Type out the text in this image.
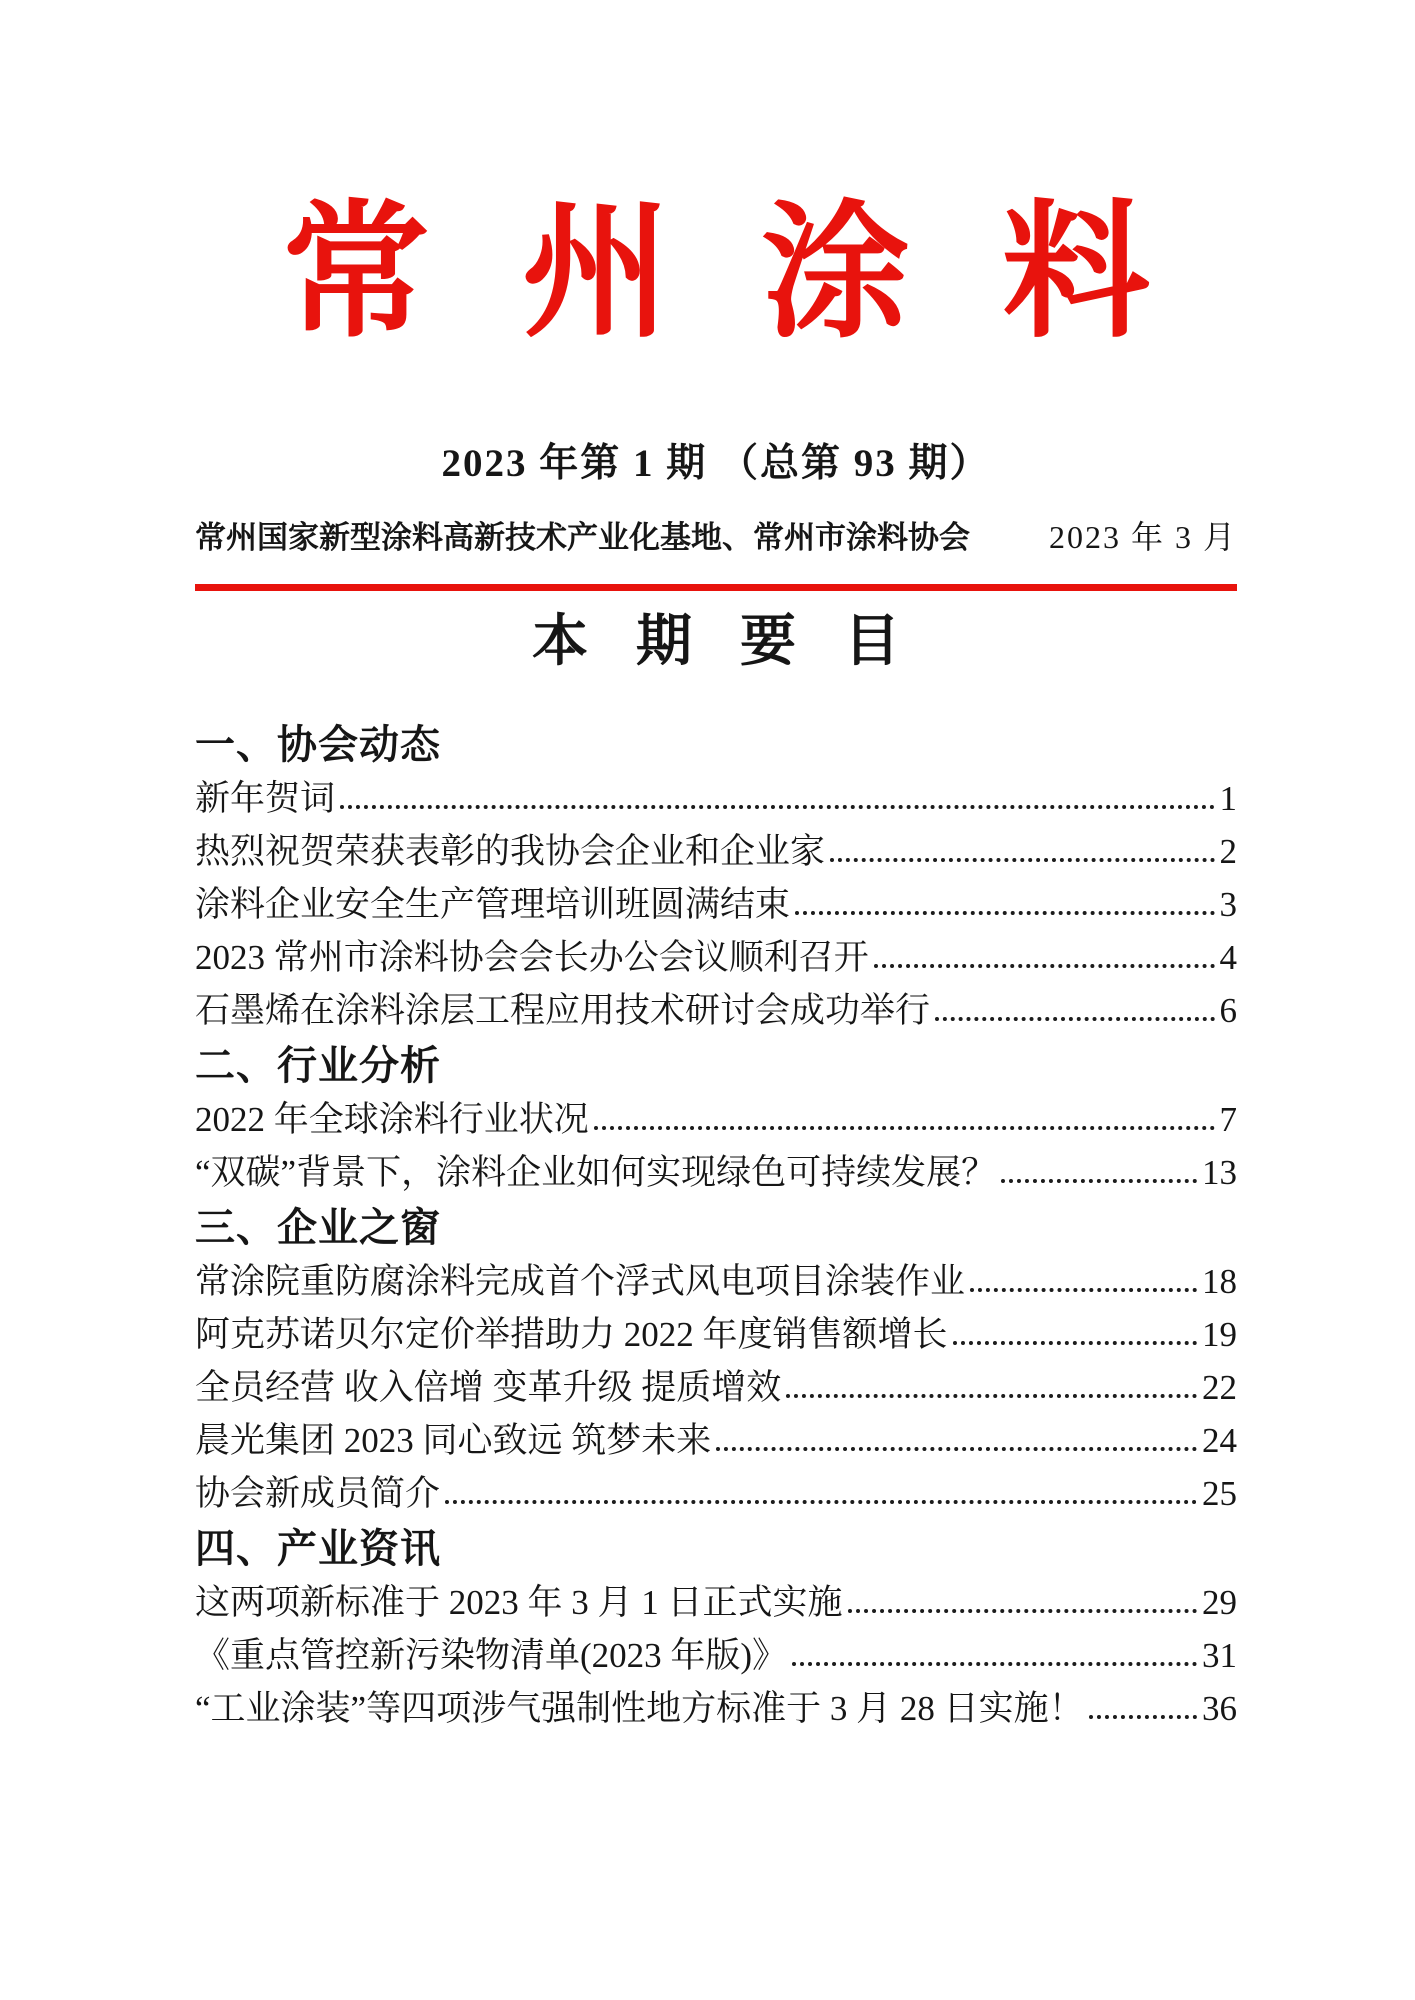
常州涂料
2023 年第 1 期 （总第 93 期）
常州国家新型涂料高新技术产业化基地、常州市涂料协会 2023 年 3 月
本期要目
一、协会动态
新年贺词	1
热烈祝贺荣获表彰的我协会企业和企业家	2
涂料企业安全生产管理培训班圆满结束	3
2023 常州市涂料协会会长办公会议顺利召开	4
石墨烯在涂料涂层工程应用技术研讨会成功举行	6
二、行业分析
2022 年全球涂料行业状况	7
“双碳”背景下，涂料企业如何实现绿色可持续发展？	13
三、企业之窗
常涂院重防腐涂料完成首个浮式风电项目涂装作业	18
阿克苏诺贝尔定价举措助力 2022 年度销售额增长	19
全员经营 收入倍增 变革升级 提质增效	22
晨光集团 2023 同心致远 筑梦未来	24
协会新成员简介	25
四、产业资讯
这两项新标准于 2023 年 3 月 1 日正式实施	29
《重点管控新污染物清单(2023 年版)》	31
“工业涂装”等四项涉气强制性地方标准于 3 月 28 日实施！	36
